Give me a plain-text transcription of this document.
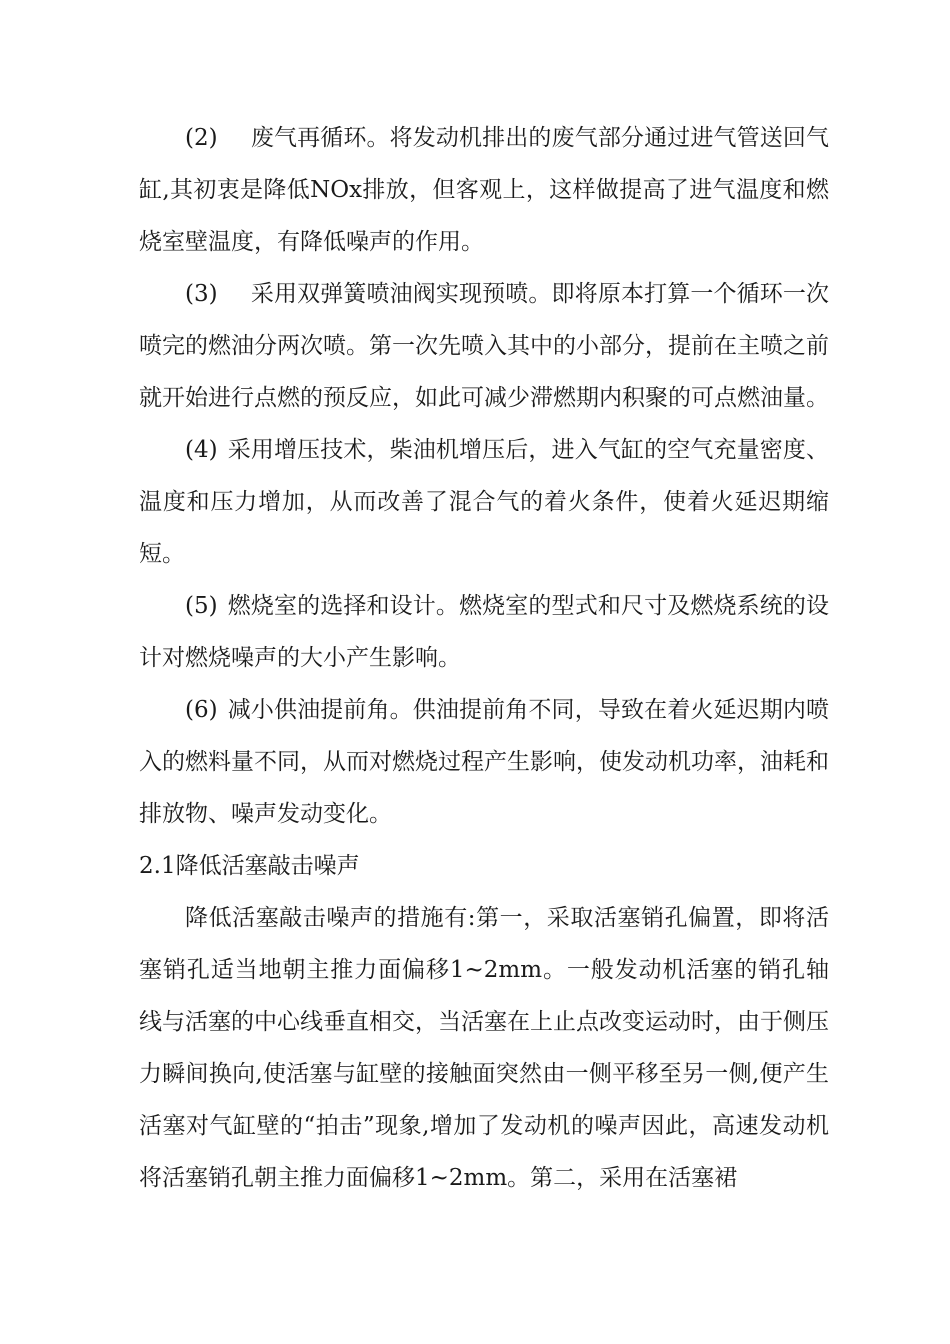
(2)　废气再循环。将发动机排出的废气部分通过进气管送回气缸,其初衷是降低NOx排放，但客观上，这样做提高了进气温度和燃烧室壁温度，有降低噪声的作用。

(3)　采用双弹簧喷油阀实现预喷。即将原本打算一个循环一次喷完的燃油分两次喷。第一次先喷入其中的小部分，提前在主喷之前就开始进行点燃的预反应，如此可减少滞燃期内积聚的可点燃油量。

(4) 采用增压技术，柴油机增压后，进入气缸的空气充量密度、温度和压力增加，从而改善了混合气的着火条件，使着火延迟期缩短。

(5) 燃烧室的选择和设计。燃烧室的型式和尺寸及燃烧系统的设计对燃烧噪声的大小产生影响。

(6) 减小供油提前角。供油提前角不同，导致在着火延迟期内喷入的燃料量不同，从而对燃烧过程产生影响，使发动机功率，油耗和排放物、噪声发动变化。

2.1降低活塞敲击噪声

降低活塞敲击噪声的措施有:第一，采取活塞销孔偏置，即将活塞销孔适当地朝主推力面偏移1~2mm。一般发动机活塞的销孔轴线与活塞的中心线垂直相交，当活塞在上止点改变运动时，由于侧压力瞬间换向,使活塞与缸壁的接触面突然由一侧平移至另一侧,便产生活塞对气缸壁的“拍击”现象,增加了发动机的噪声因此，高速发动机将活塞销孔朝主推力面偏移1~2mm。第二，采用在活塞裙
